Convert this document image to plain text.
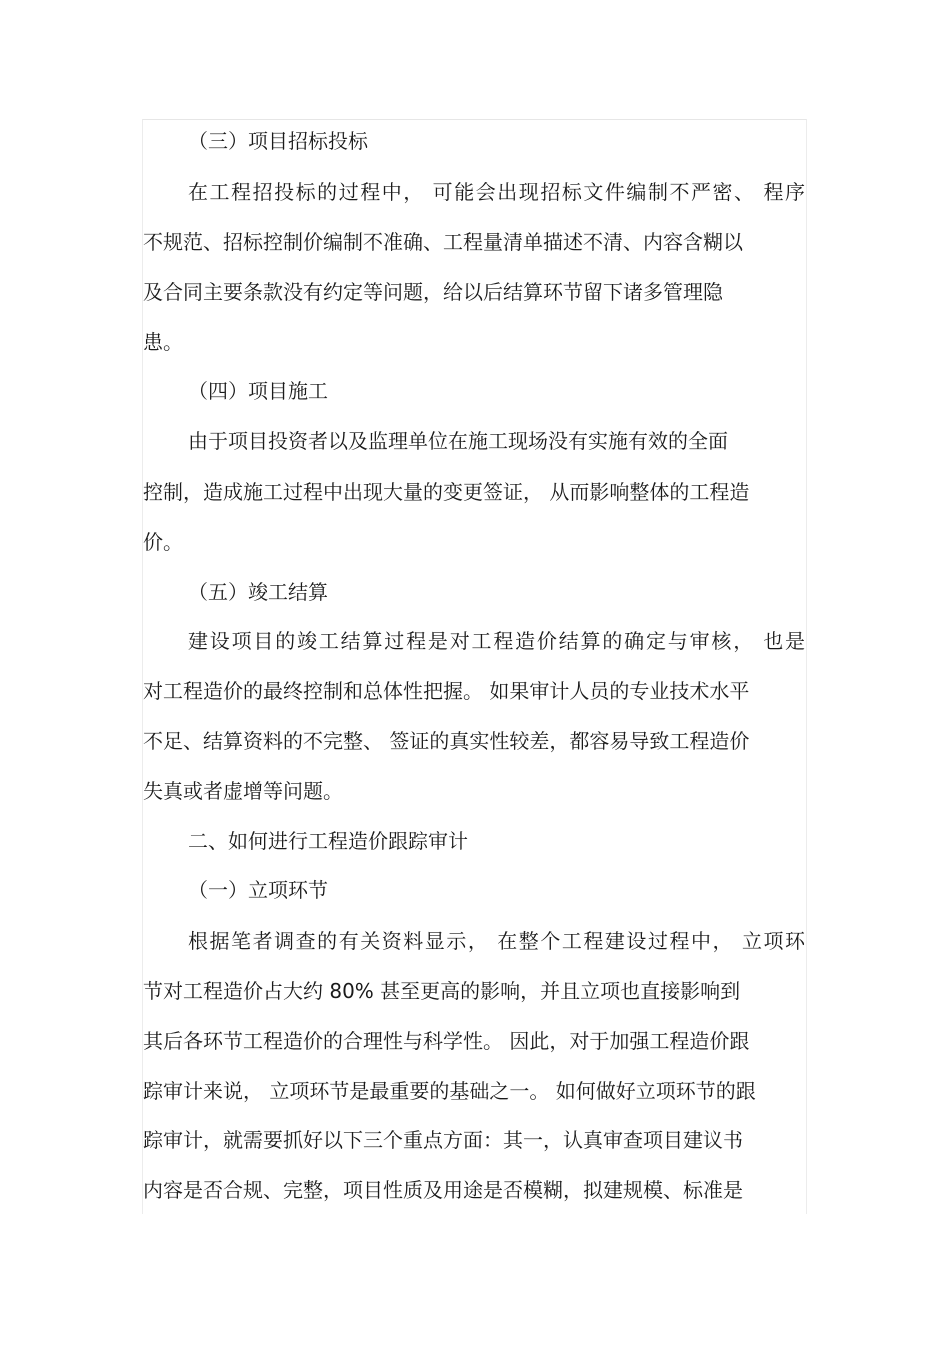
（三）项目招标投标
在工程招投标的过程中， 可能会出现招标文件编制不严密、 程序
不规范、招标控制价编制不准确、工程量清单描述不清、内容含糊以
及合同主要条款没有约定等问题，给以后结算环节留下诸多管理隐
患。
（四）项目施工
由于项目投资者以及监理单位在施工现场没有实施有效的全面
控制，造成施工过程中出现大量的变更签证， 从而影响整体的工程造
价。
（五）竣工结算
建设项目的竣工结算过程是对工程造价结算的确定与审核， 也是
对工程造价的最终控制和总体性把握。 如果审计人员的专业技术水平
不足、结算资料的不完整、 签证的真实性较差，都容易导致工程造价
失真或者虚增等问题。
二、如何进行工程造价跟踪审计
（一）立项环节
根据笔者调查的有关资料显示， 在整个工程建设过程中， 立项环
节对工程造价占大约 80% 甚至更高的影响，并且立项也直接影响到
其后各环节工程造价的合理性与科学性。 因此，对于加强工程造价跟
踪审计来说， 立项环节是最重要的基础之一。 如何做好立项环节的跟
踪审计，就需要抓好以下三个重点方面：其一，认真审查项目建议书
内容是否合规、完整，项目性质及用途是否模糊，拟建规模、标准是
